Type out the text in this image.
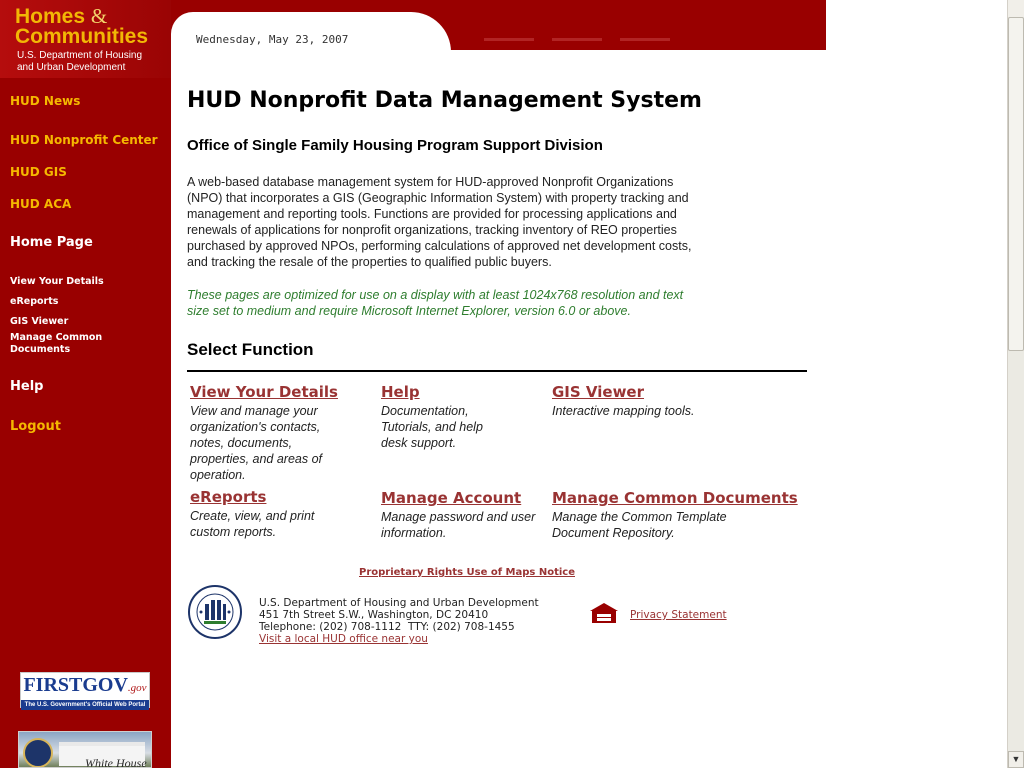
Homes &
Communities
U.S. Department of Housing
and Urban Development
HUD News
HUD Nonprofit Center
HUD GIS
HUD ACA
Home Page
View Your Details
eReports
GIS Viewer
Manage Common Documents
Help
Logout
FIRSTGOV.gov
The U.S. Government's Official Web Portal
White House
Wednesday, May 23, 2007
HUD Nonprofit Data Management System
Office of Single Family Housing Program Support Division
A web-based database management system for HUD-approved Nonprofit Organizations (NPO) that incorporates a GIS (Geographic Information System) with property tracking and management and reporting tools. Functions are provided for processing applications and renewals of applications for nonprofit organizations, tracking inventory of REO properties purchased by approved NPOs, performing calculations of approved net development costs, and tracking the resale of the properties to qualified public buyers.
These pages are optimized for use on a display with at least 1024x768 resolution and text size set to medium and require Microsoft Internet Explorer, version 6.0 or above.
Select Function
View Your Details
View and manage your organization's contacts, notes, documents, properties, and areas of operation.
Help
Documentation, Tutorials, and help desk support.
GIS Viewer
Interactive mapping tools.
eReports
Create, view, and print custom reports.
Manage Account
Manage password and user information.
Manage Common Documents
Manage the Common Template Document Repository.
Proprietary Rights Use of Maps Notice
U.S. Department of Housing and Urban Development
451 7th Street S.W., Washington, DC 20410
Telephone: (202) 708-1112  TTY: (202) 708-1455
Visit a local HUD office near you
Privacy Statement
▼
